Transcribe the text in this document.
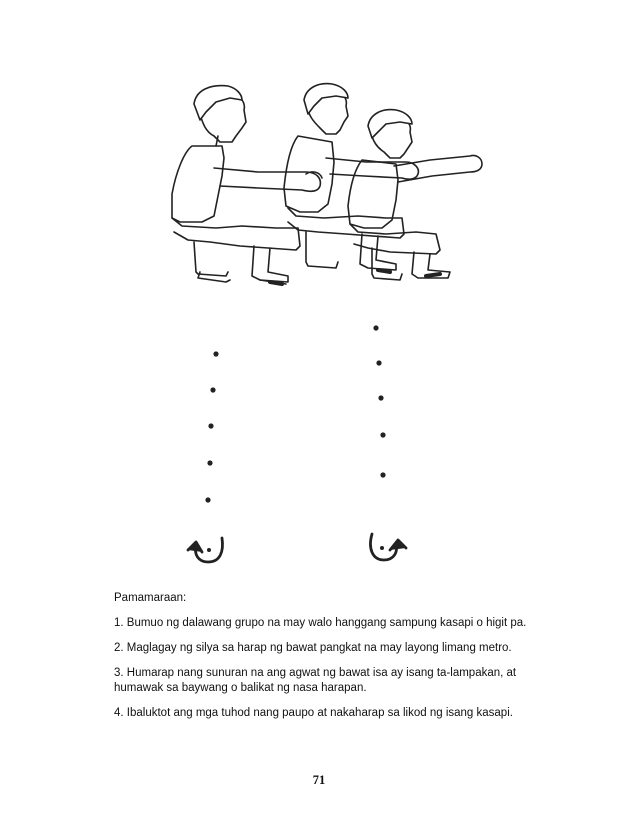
Pamamaraan:

1. Bumuo ng dalawang grupo na may walo hanggang sampung kasapi o higit pa.

2. Maglagay ng silya sa harap ng bawat pangkat na may layong limang metro.

3. Humarap nang sunuran na ang agwat ng bawat isa ay isang ta-lampakan, at humawak sa baywang o balikat ng nasa harapan.

4. Ibaluktot ang mga tuhod nang paupo at nakaharap sa likod ng isang kasapi.

71
